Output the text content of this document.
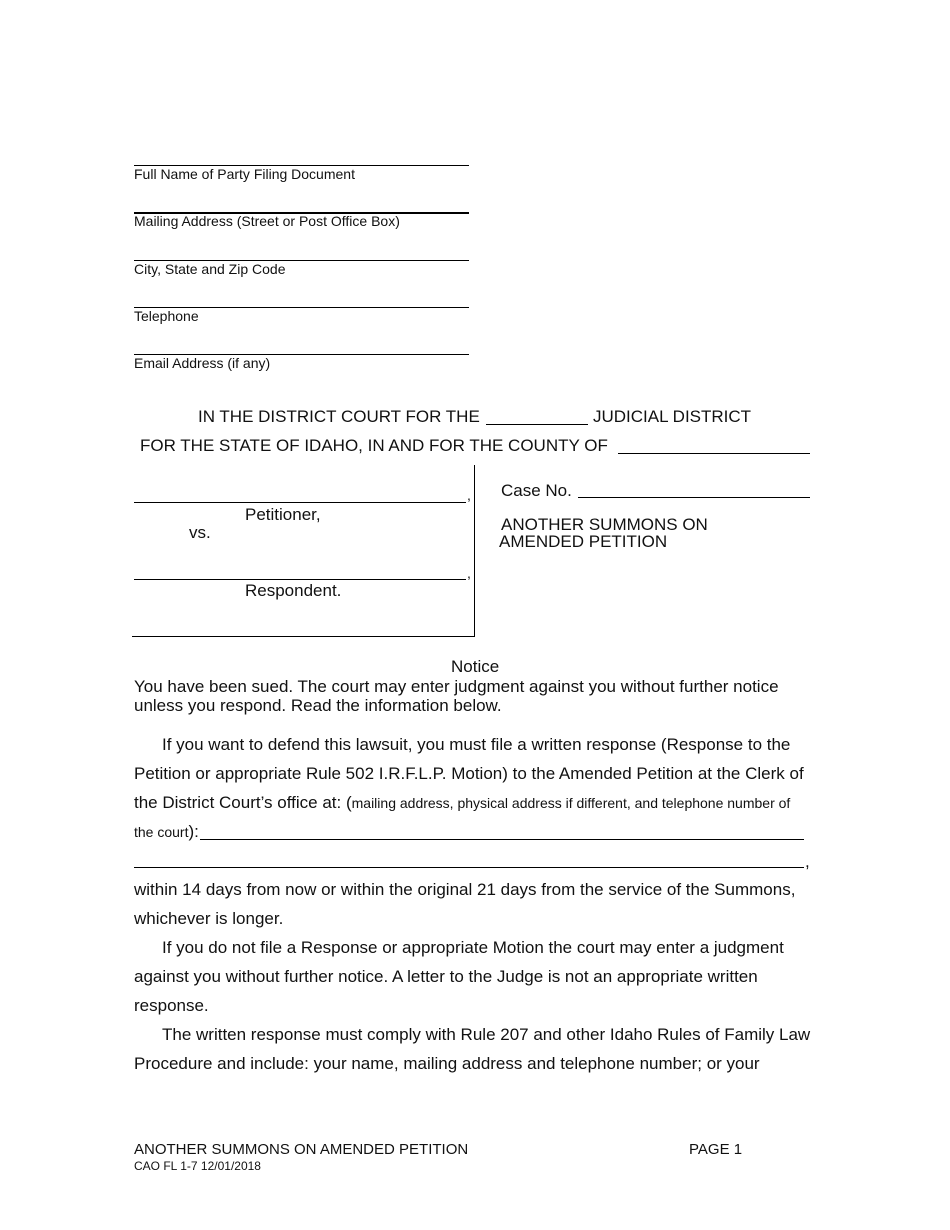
Full Name of Party Filing Document
Mailing Address (Street or Post Office Box)
City, State and Zip Code
Telephone
Email Address (if any)
IN THE DISTRICT COURT FOR THE	JUDICIAL DISTRICT
FOR THE STATE OF IDAHO, IN AND FOR THE COUNTY OF
,
Petitioner,
vs.
,
Respondent.
Case No.
ANOTHER SUMMONS ON
AMENDED PETITION
Notice
You have been sued. The court may enter judgment against you without further notice
unless you respond. Read the information below.
If you want to defend this lawsuit, you must file a written response (Response to the
Petition or appropriate Rule 502 I.R.F.L.P. Motion) to the Amended Petition at the Clerk of
the District Court’s office at: (mailing address, physical address if different, and telephone number of
the court):
,
within 14 days from now or within the original 21 days from the service of the Summons,
whichever is longer.
If you do not file a Response or appropriate Motion the court may enter a judgment
against you without further notice. A letter to the Judge is not an appropriate written
response.
The written response must comply with Rule 207 and other Idaho Rules of Family Law
Procedure and include: your name, mailing address and telephone number; or your
ANOTHER SUMMONS ON AMENDED PETITION	PAGE 1
CAO FL 1-7 12/01/2018
